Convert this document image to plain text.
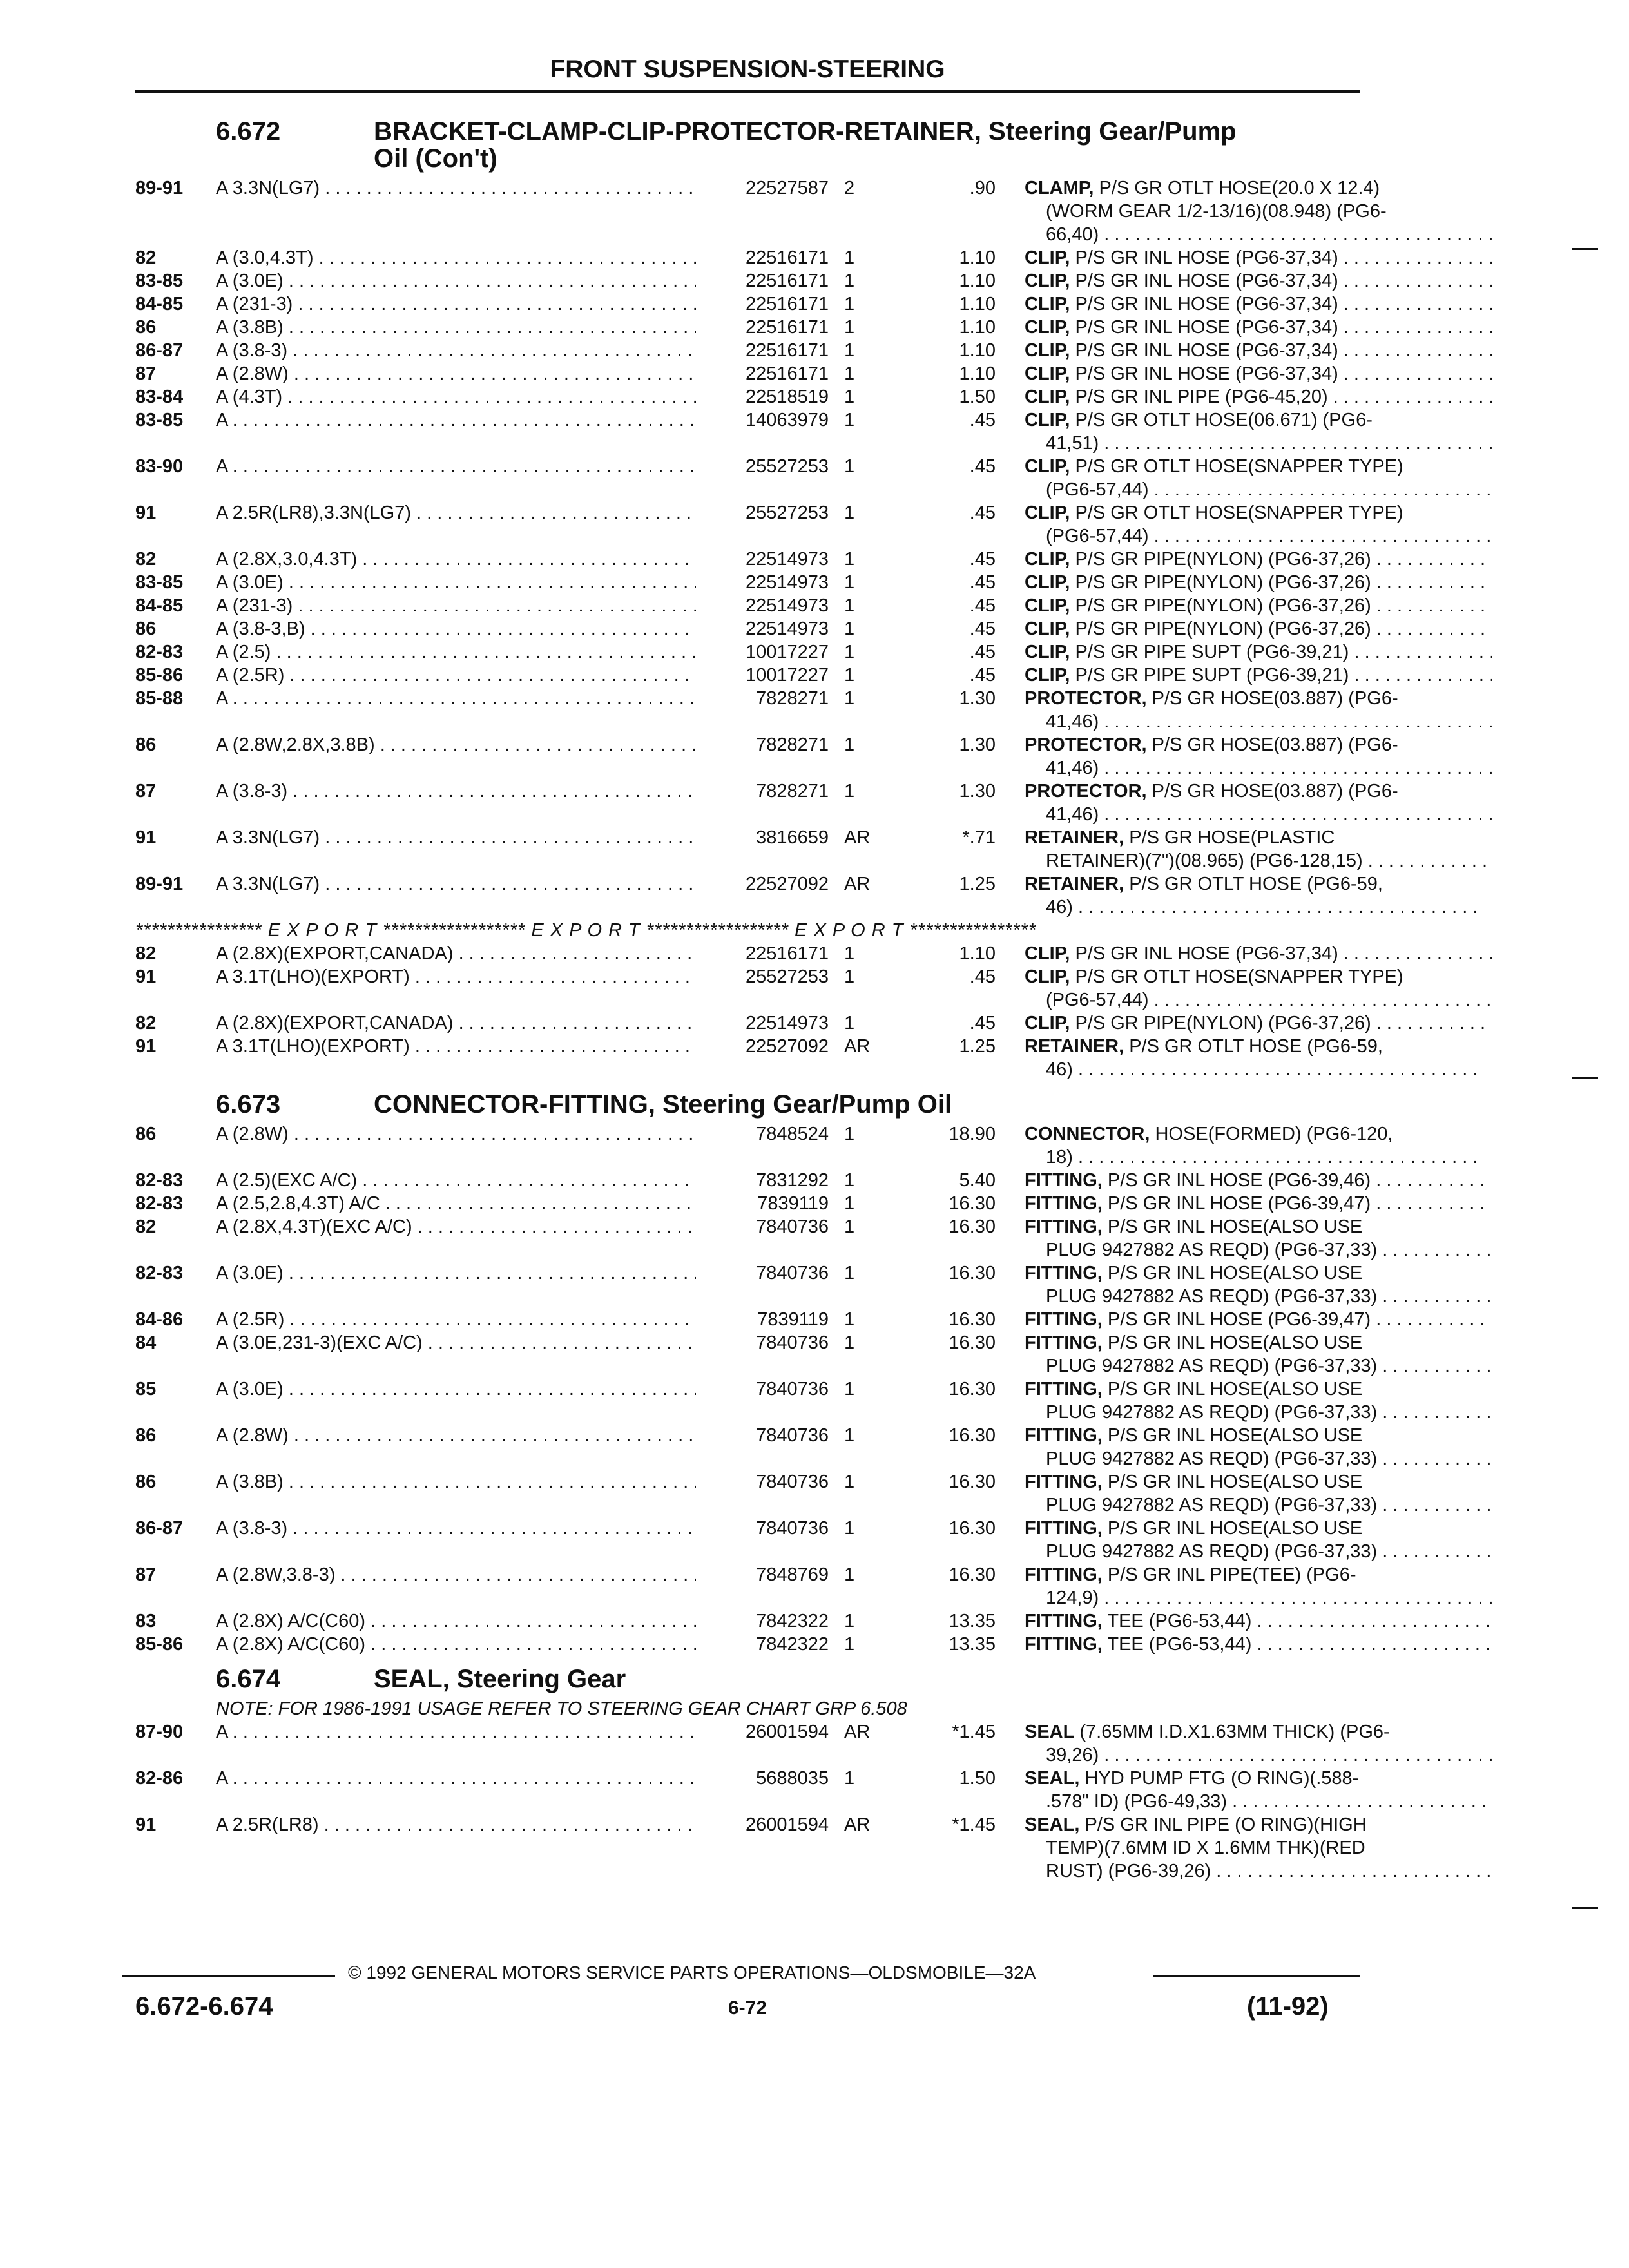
FRONT SUSPENSION-STEERING
6.672	BRACKET-CLAMP-CLIP-PROTECTOR-RETAINER, Steering Gear/Pump
Oil (Con't)
89-91 A 3.3N(LG7) . . .	22527587 2	.90 CLAMP, P/S GR OTLT HOSE(20.0 X 12.4)
(WORM GEAR 1/2-13/16)(08.948) (PG6-
66,40) . . .
82	A (3.0,4.3T) . . .	22516171 1	1.10 CLIP, P/S GR INL HOSE (PG6-37,34) . . .
83-85 A (3.0E) . . .	22516171 1	1.10 CLIP, P/S GR INL HOSE (PG6-37,34) . . .
84-85 A (231-3) . . .	22516171 1	1.10 CLIP, P/S GR INL HOSE (PG6-37,34) . . .
86	A (3.8B) . . .	22516171 1	1.10 CLIP, P/S GR INL HOSE (PG6-37,34) . . .
86-87 A (3.8-3) . . .	22516171 1	1.10 CLIP, P/S GR INL HOSE (PG6-37,34) . . .
87	A (2.8W) . . .	22516171 1	1.10 CLIP, P/S GR INL HOSE (PG6-37,34) . . .
83-84 A (4.3T) . . .	22518519 1	1.50 CLIP, P/S GR INL PIPE (PG6-45,20) . . .
83-85 A . . .	14063979 1	.45 CLIP, P/S GR OTLT HOSE(06.671) (PG6-
41,51) . . .
83-90 A . . .	25527253 1	.45 CLIP, P/S GR OTLT HOSE(SNAPPER TYPE)
(PG6-57,44) . . .
91	A 2.5R(LR8),3.3N(LG7) . . .	25527253 1	.45 CLIP, P/S GR OTLT HOSE(SNAPPER TYPE)
(PG6-57,44) . . .
82	A (2.8X,3.0,4.3T) . . .	22514973 1	.45 CLIP, P/S GR PIPE(NYLON) (PG6-37,26) . . .
83-85 A (3.0E) . . .	22514973 1	.45 CLIP, P/S GR PIPE(NYLON) (PG6-37,26) . . .
84-85 A (231-3) . . .	22514973 1	.45 CLIP, P/S GR PIPE(NYLON) (PG6-37,26) . . .
86	A (3.8-3,B) . . .	22514973 1	.45 CLIP, P/S GR PIPE(NYLON) (PG6-37,26) . . .
82-83 A (2.5) . . .	10017227 1	.45 CLIP, P/S GR PIPE SUPT (PG6-39,21) . . .
85-86 A (2.5R) . . .	10017227 1	.45 CLIP, P/S GR PIPE SUPT (PG6-39,21) . . .
85-88 A . . .	7828271 1	1.30 PROTECTOR, P/S GR HOSE(03.887) (PG6-
41,46) . . .
86	A (2.8W,2.8X,3.8B) . . .	7828271 1	1.30 PROTECTOR, P/S GR HOSE(03.887) (PG6-
41,46) . . .
87	A (3.8-3) . . .	7828271 1	1.30 PROTECTOR, P/S GR HOSE(03.887) (PG6-
41,46) . . .
91	A 3.3N(LG7) . . .	3816659 AR	*.71 RETAINER, P/S GR HOSE(PLASTIC
RETAINER)(7")(08.965) (PG6-128,15) . . .
89-91 A 3.3N(LG7) . . .	22527092 AR	1.25 RETAINER, P/S GR OTLT HOSE (PG6-59,
46) . . .
**************** E X P O R T ****************** E X P O R T ****************** E X P O R T ****************
82	A (2.8X)(EXPORT,CANADA) . . .	22516171 1	1.10 CLIP, P/S GR INL HOSE (PG6-37,34) . . .
91	A 3.1T(LHO)(EXPORT) . . .	25527253 1	.45 CLIP, P/S GR OTLT HOSE(SNAPPER TYPE)
(PG6-57,44) . . .
82	A (2.8X)(EXPORT,CANADA) . . .	22514973 1	.45 CLIP, P/S GR PIPE(NYLON) (PG6-37,26) . . .
91	A 3.1T(LHO)(EXPORT) . . .	22527092 AR	1.25 RETAINER, P/S GR OTLT HOSE (PG6-59,
46) . . .
6.673	CONNECTOR-FITTING, Steering Gear/Pump Oil
86	A (2.8W) . . .	7848524 1	18.90 CONNECTOR, HOSE(FORMED) (PG6-120,
18) . . .
82-83 A (2.5)(EXC A/C) . . .	7831292 1	5.40 FITTING, P/S GR INL HOSE (PG6-39,46) . . .
82-83 A (2.5,2.8,4.3T) A/C . . .	7839119 1	16.30 FITTING, P/S GR INL HOSE (PG6-39,47) . . .
82	A (2.8X,4.3T)(EXC A/C) . . .	7840736 1	16.30 FITTING, P/S GR INL HOSE(ALSO USE
PLUG 9427882 AS REQD) (PG6-37,33) . . .
82-83 A (3.0E) . . .	7840736 1	16.30 FITTING, P/S GR INL HOSE(ALSO USE
PLUG 9427882 AS REQD) (PG6-37,33) . . .
84-86 A (2.5R) . . .	7839119 1	16.30 FITTING, P/S GR INL HOSE (PG6-39,47) . . .
84	A (3.0E,231-3)(EXC A/C) . . .	7840736 1	16.30 FITTING, P/S GR INL HOSE(ALSO USE
PLUG 9427882 AS REQD) (PG6-37,33) . . .
85	A (3.0E) . . .	7840736 1	16.30 FITTING, P/S GR INL HOSE(ALSO USE
PLUG 9427882 AS REQD) (PG6-37,33) . . .
86	A (2.8W) . . .	7840736 1	16.30 FITTING, P/S GR INL HOSE(ALSO USE
PLUG 9427882 AS REQD) (PG6-37,33) . . .
86	A (3.8B) . . .	7840736 1	16.30 FITTING, P/S GR INL HOSE(ALSO USE
PLUG 9427882 AS REQD) (PG6-37,33) . . .
86-87 A (3.8-3) . . .	7840736 1	16.30 FITTING, P/S GR INL HOSE(ALSO USE
PLUG 9427882 AS REQD) (PG6-37,33) . . .
87	A (2.8W,3.8-3) . . .	7848769 1	16.30 FITTING, P/S GR INL PIPE(TEE) (PG6-
124,9) . . .
83	A (2.8X) A/C(C60) . . .	7842322 1	13.35 FITTING, TEE (PG6-53,44) . . .
85-86 A (2.8X) A/C(C60) . . .	7842322 1	13.35 FITTING, TEE (PG6-53,44) . . .
6.674	SEAL, Steering Gear
NOTE: FOR 1986-1991 USAGE REFER TO STEERING GEAR CHART GRP 6.508
87-90 A . . .	26001594 AR	*1.45 SEAL (7.65MM I.D.X1.63MM THICK) (PG6-
39,26) . . .
82-86 A . . .	5688035 1	1.50 SEAL, HYD PUMP FTG (O RING)(.588-
.578" ID) (PG6-49,33) . . .
91	A 2.5R(LR8) . . .	26001594 AR	*1.45 SEAL, P/S GR INL PIPE (O RING)(HIGH
TEMP)(7.6MM ID X 1.6MM THK)(RED
RUST) (PG6-39,26) . . .
© 1992 GENERAL MOTORS SERVICE PARTS OPERATIONS—OLDSMOBILE—32A
6.672-6.674	6-72	(11-92)
